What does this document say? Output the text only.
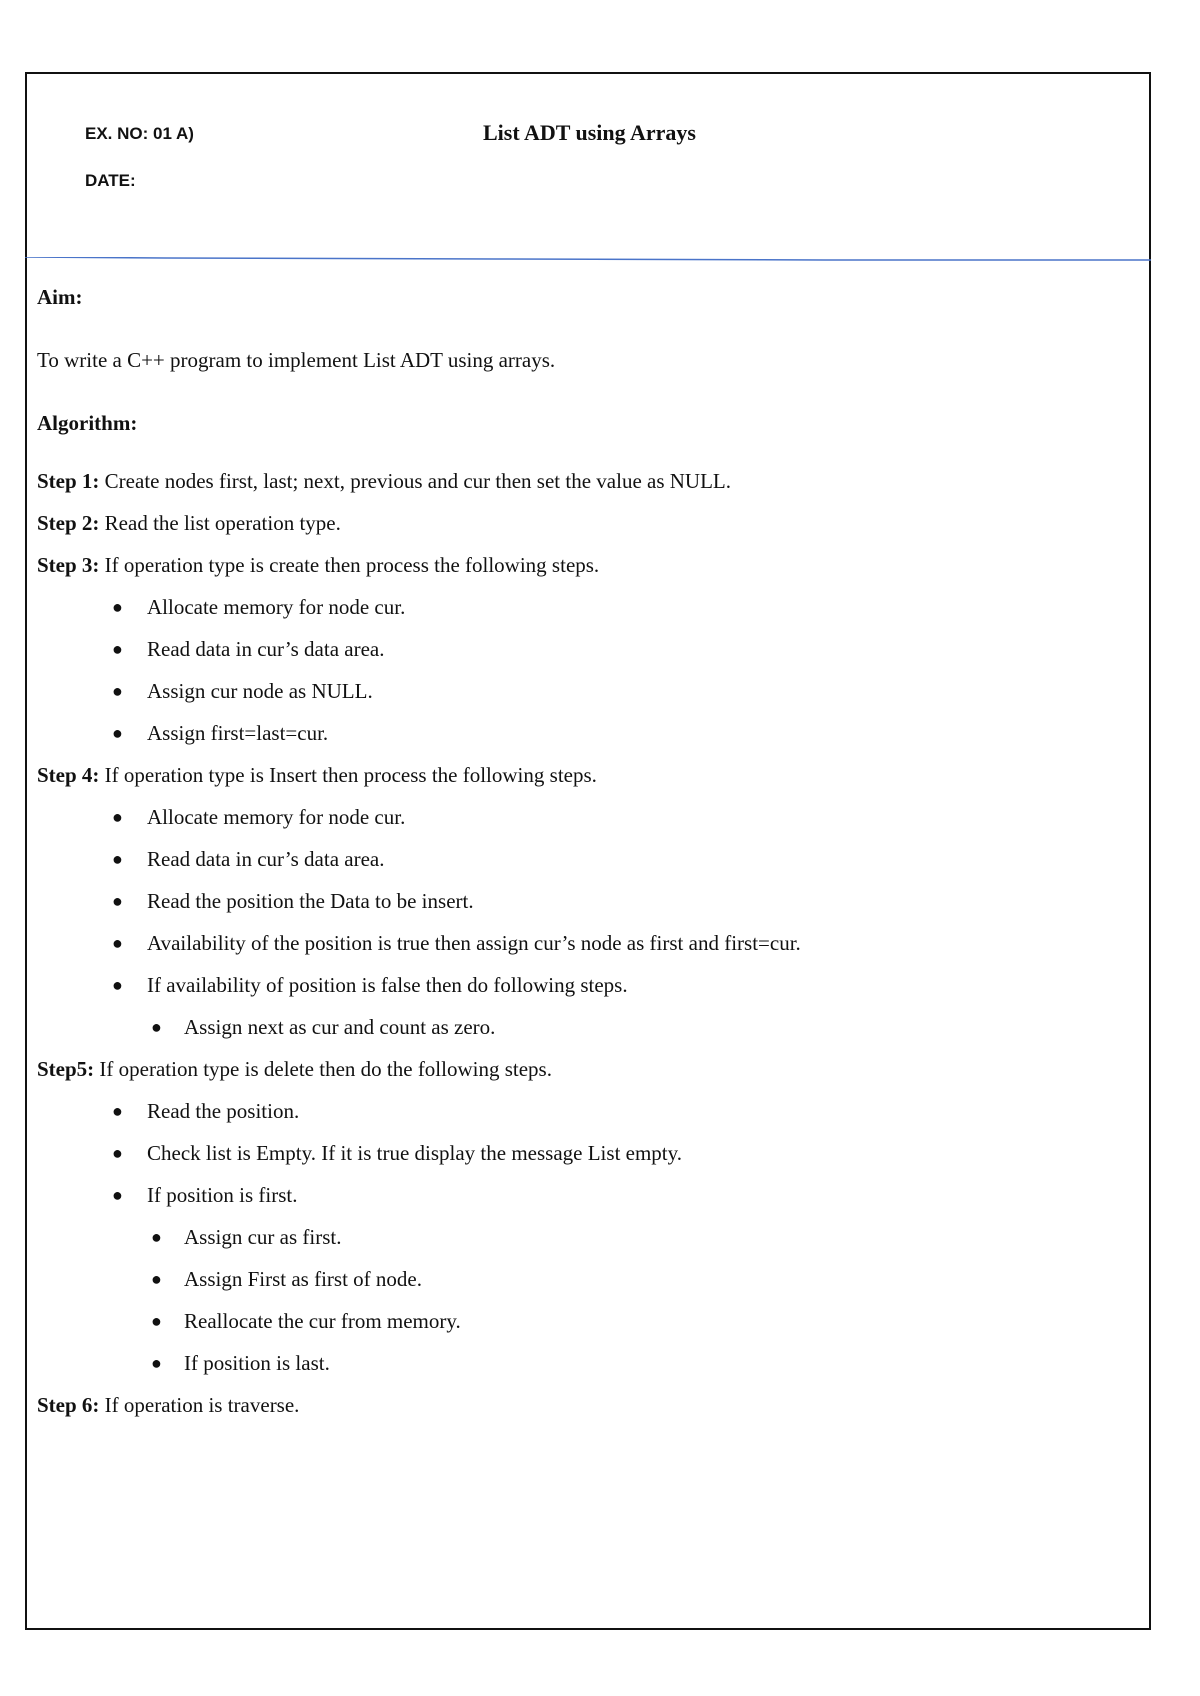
EX. NO: 01 A)
DATE:
List ADT using Arrays

Aim:

To write a C++ program to implement List ADT using arrays.

Algorithm:

Step 1: Create nodes first, last; next, previous and cur then set the value as NULL.

Step 2: Read the list operation type.

Step 3: If operation type is create then process the following steps.

● Allocate memory for node cur.
● Read data in cur’s data area.
● Assign cur node as NULL.
● Assign first=last=cur.

Step 4: If operation type is Insert then process the following steps.

● Allocate memory for node cur.
● Read data in cur’s data area.
● Read the position the Data to be insert.
● Availability of the position is true then assign cur’s node as first and first=cur.
● If availability of position is false then do following steps.
● Assign next as cur and count as zero.

Step5: If operation type is delete then do the following steps.

● Read the position.
● Check list is Empty. If it is true display the message List empty.
● If position is first.
● Assign cur as first.
● Assign First as first of node.
● Reallocate the cur from memory.
● If position is last.

Step 6: If operation is traverse.
